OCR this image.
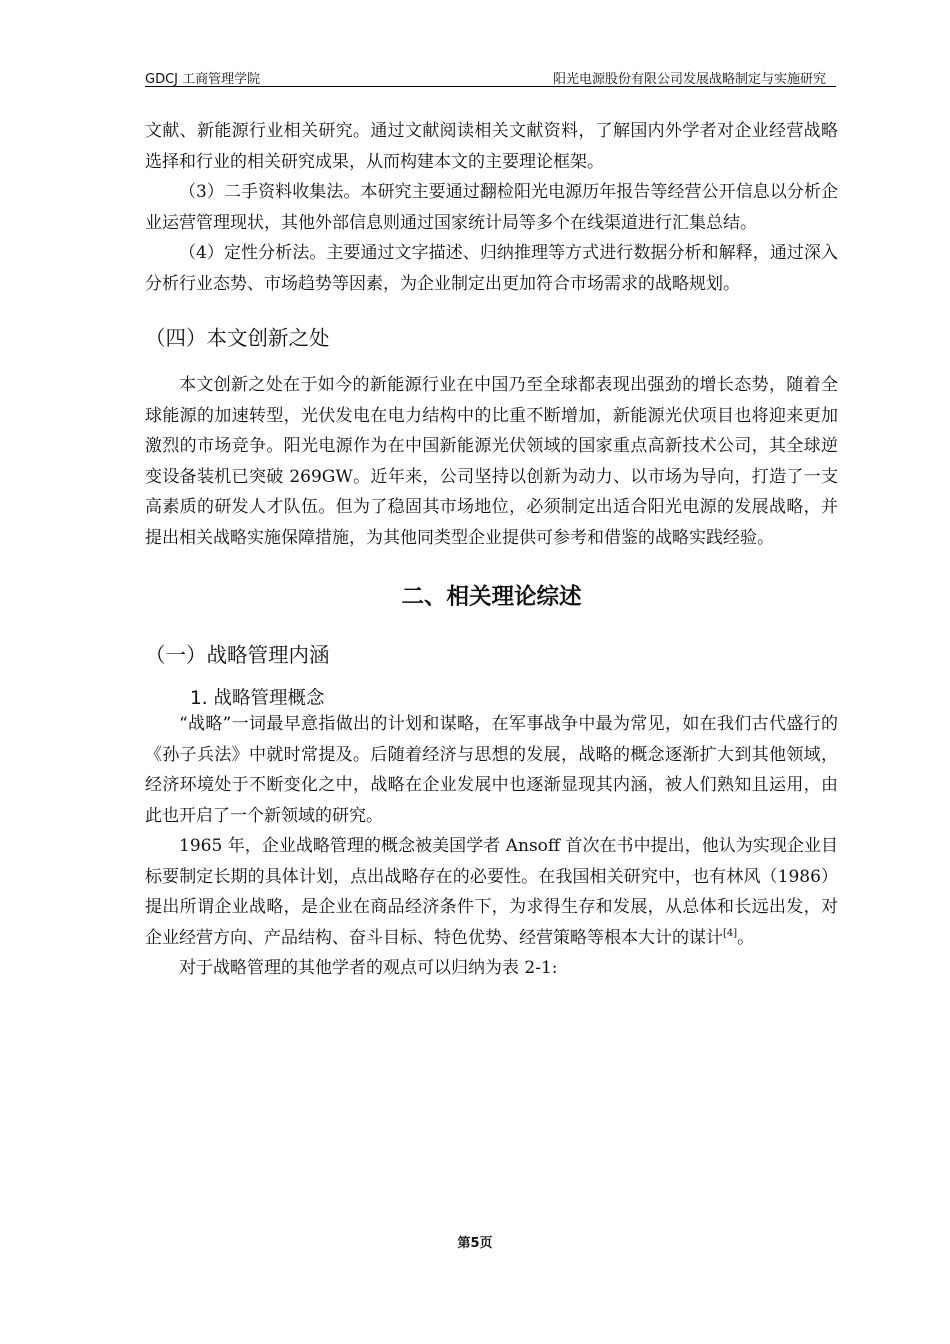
GDCJ 工商管理学院	阳光电源股份有限公司发展战略制定与实施研究

文献、新能源行业相关研究。通过文献阅读相关文献资料，了解国内外学者对企业经营战略选择和行业的相关研究成果，从而构建本文的主要理论框架。

（3）二手资料收集法。本研究主要通过翻检阳光电源历年报告等经营公开信息以分析企业运营管理现状，其他外部信息则通过国家统计局等多个在线渠道进行汇集总结。

（4）定性分析法。主要通过文字描述、归纳推理等方式进行数据分析和解释，通过深入分析行业态势、市场趋势等因素，为企业制定出更加符合市场需求的战略规划。

（四）本文创新之处

本文创新之处在于如今的新能源行业在中国乃至全球都表现出强劲的增长态势，随着全球能源的加速转型，光伏发电在电力结构中的比重不断增加，新能源光伏项目也将迎来更加激烈的市场竞争。阳光电源作为在中国新能源光伏领域的国家重点高新技术公司，其全球逆变设备装机已突破 269GW。近年来，公司坚持以创新为动力、以市场为导向，打造了一支高素质的研发人才队伍。但为了稳固其市场地位，必须制定出适合阳光电源的发展战略，并提出相关战略实施保障措施，为其他同类型企业提供可参考和借鉴的战略实践经验。

二、相关理论综述
（一）战略管理内涵
1. 战略管理概念

“战略”一词最早意指做出的计划和谋略，在军事战争中最为常见，如在我们古代盛行的《孙子兵法》中就时常提及。后随着经济与思想的发展，战略的概念逐渐扩大到其他领域，经济环境处于不断变化之中，战略在企业发展中也逐渐显现其内涵，被人们熟知且运用，由此也开启了一个新领域的研究。

1965 年，企业战略管理的概念被美国学者 Ansoff 首次在书中提出，他认为实现企业目标要制定长期的具体计划，点出战略存在的必要性。在我国相关研究中，也有林风（1986）提出所谓企业战略，是企业在商品经济条件下，为求得生存和发展，从总体和长远出发，对企业经营方向、产品结构、奋斗目标、特色优势、经营策略等根本大计的谋计[4]。

对于战略管理的其他学者的观点可以归纳为表 2-1:

第5页
